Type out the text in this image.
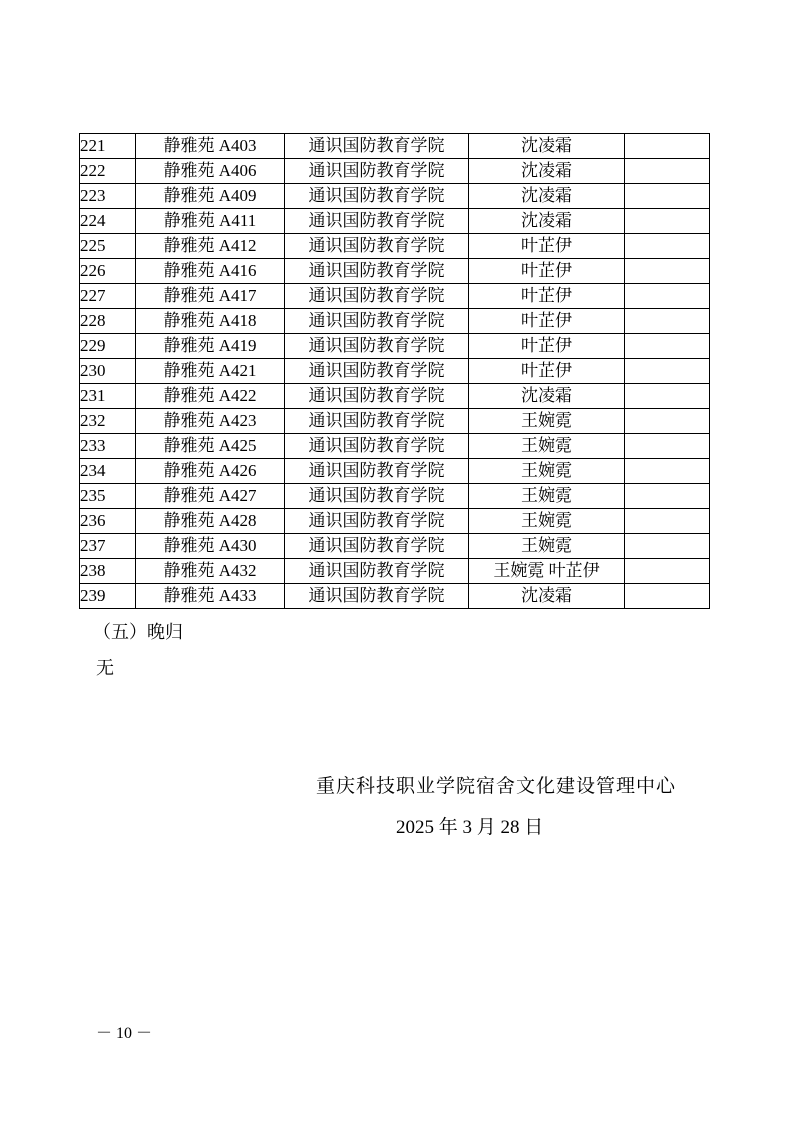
221	静雅苑 A403	通识国防教育学院	沈凌霜	
222	静雅苑 A406	通识国防教育学院	沈凌霜	
223	静雅苑 A409	通识国防教育学院	沈凌霜	
224	静雅苑 A411	通识国防教育学院	沈凌霜	
225	静雅苑 A412	通识国防教育学院	叶芷伊	
226	静雅苑 A416	通识国防教育学院	叶芷伊	
227	静雅苑 A417	通识国防教育学院	叶芷伊	
228	静雅苑 A418	通识国防教育学院	叶芷伊	
229	静雅苑 A419	通识国防教育学院	叶芷伊	
230	静雅苑 A421	通识国防教育学院	叶芷伊	
231	静雅苑 A422	通识国防教育学院	沈凌霜	
232	静雅苑 A423	通识国防教育学院	王婉霓	
233	静雅苑 A425	通识国防教育学院	王婉霓	
234	静雅苑 A426	通识国防教育学院	王婉霓	
235	静雅苑 A427	通识国防教育学院	王婉霓	
236	静雅苑 A428	通识国防教育学院	王婉霓	
237	静雅苑 A430	通识国防教育学院	王婉霓	
238	静雅苑 A432	通识国防教育学院	王婉霓 叶芷伊	
239	静雅苑 A433	通识国防教育学院	沈凌霜	
（五）晚归
无
重庆科技职业学院宿舍文化建设管理中心
2025 年 3 月 28 日
－ 10 －
